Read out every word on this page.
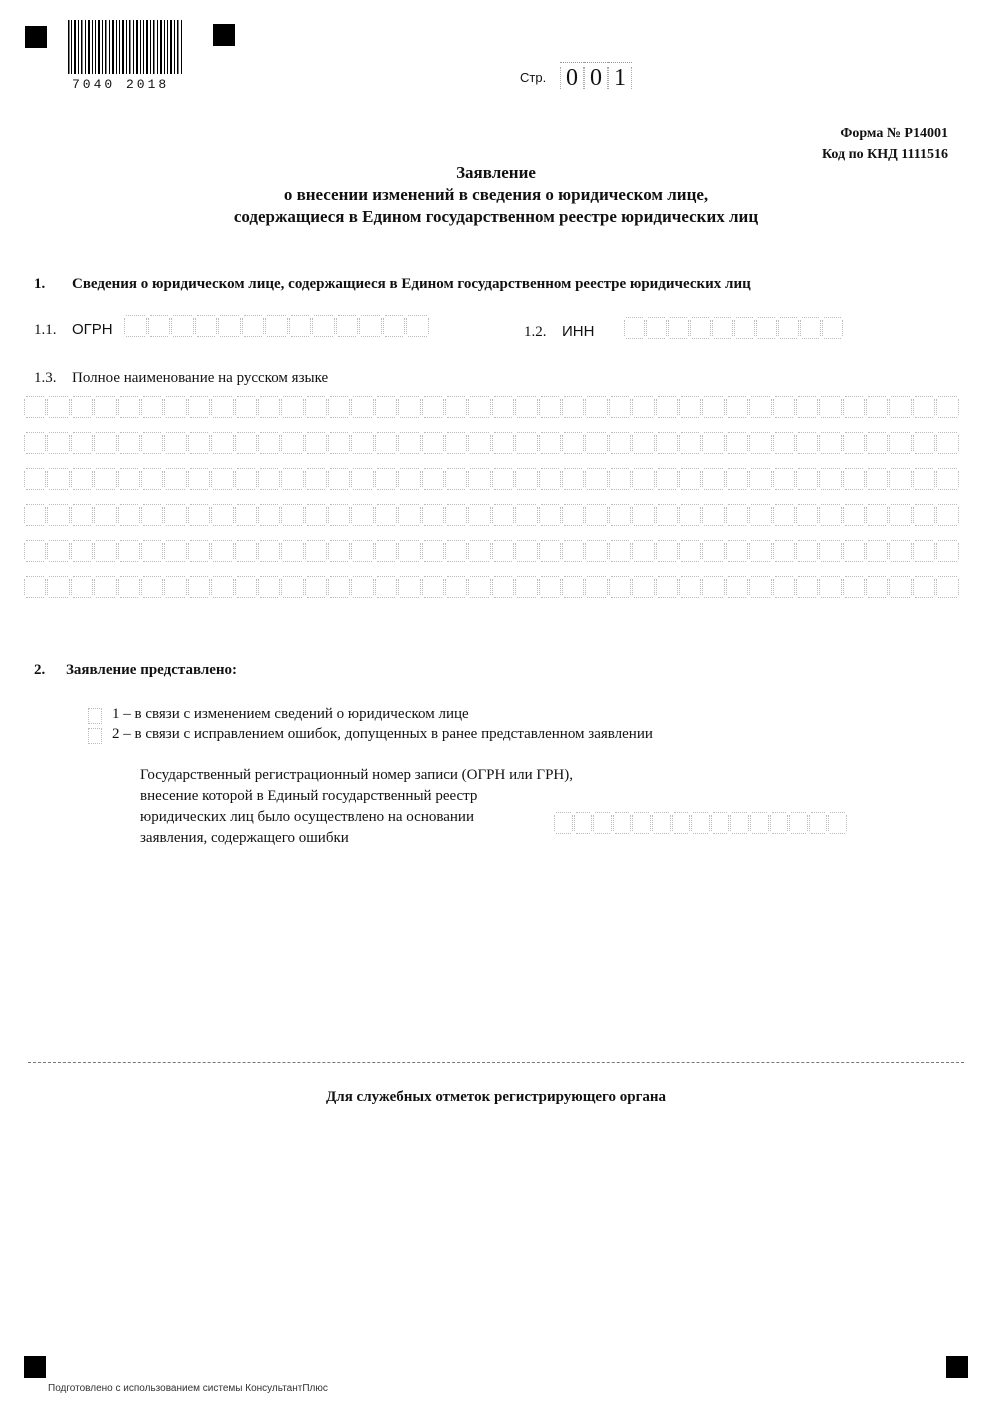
7040 2018	Стр. 0 0 1
Форма № Р14001
Код по КНД 1111516
Заявление
о внесении изменений в сведения о юридическом лице,
содержащиеся в Едином государственном реестре юридических лиц
1. Сведения о юридическом лице, содержащиеся в Едином государственном реестре юридических лиц
1.1. ОГРН	1.2. ИНН
1.3. Полное наименование на русском языке
2. Заявление представлено:
1 – в связи с изменением сведений о юридическом лице
2 – в связи с исправлением ошибок, допущенных в ранее представленном заявлении
Государственный регистрационный номер записи (ОГРН или ГРН),
внесение которой в Единый государственный реестр
юридических лиц было осуществлено на основании
заявления, содержащего ошибки
Для служебных отметок регистрирующего органа
Подготовлено с использованием системы КонсультантПлюс
